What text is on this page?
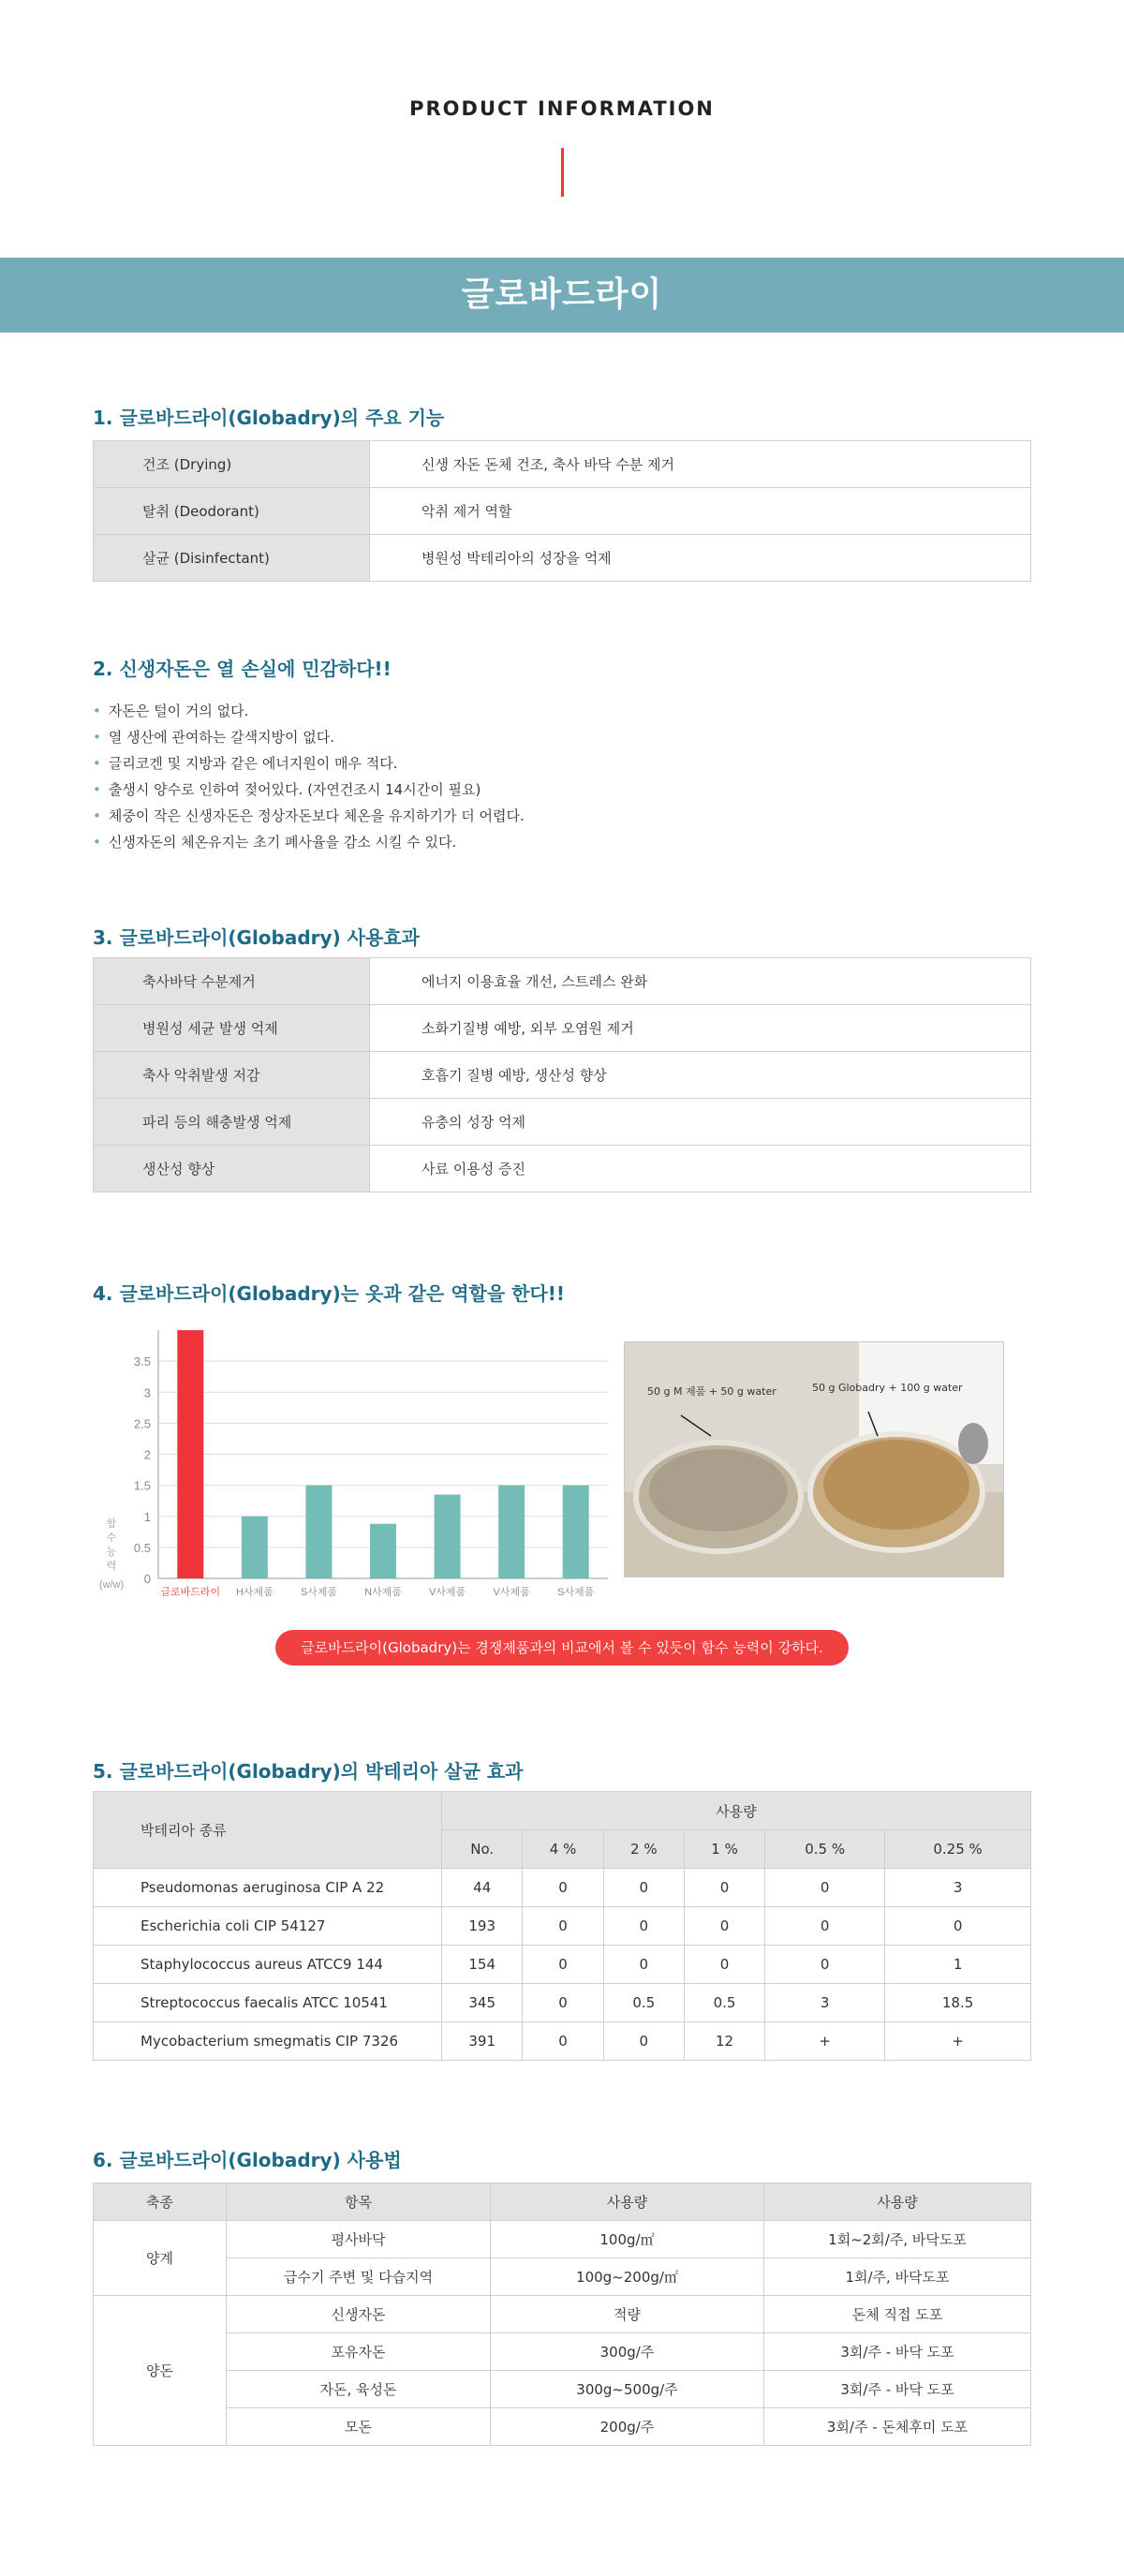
PRODUCT INFORMATION
글로바드라이
1. 글로바드라이(Globadry)의 주요 기능
건조 (Drying)	신생 자돈 돈체 건조, 축사 바닥 수분 제거
탈취 (Deodorant)	악취 제거 역할
살균 (Disinfectant)	병원성 박테리아의 성장을 억제
2. 신생자돈은 열 손실에 민감하다!!
• 자돈은 털이 거의 없다.
• 열 생산에 관여하는 갈색지방이 없다.
• 글리코겐 및 지방과 같은 에너지원이 매우 적다.
• 출생시 양수로 인하여 젖어있다. (자연건조시 14시간이 필요)
• 체중이 작은 신생자돈은 정상자돈보다 체온을 유지하기가 더 어렵다.
• 신생자돈의 체온유지는 초기 폐사율을 감소 시킬 수 있다.
3. 글로바드라이(Globadry) 사용효과
축사바닥 수분제거	에너지 이용효율 개선, 스트레스 완화
병원성 세균 발생 억제	소화기질병 예방, 외부 오염원 제거
축사 악취발생 저감	호흡기 질병 예방, 생산성 향상
파리 등의 해충발생 억제	유충의 성장 억제
생산성 향상	사료 이용성 증진
4. 글로바드라이(Globadry)는 옷과 같은 역할을 한다!!
0
0.5
1
1.5
2
2.5
3
3.5
글로바드라이 H사제품	S사제품	N사제품	V사제품	V사제품	S사제품
함
수
능
력
(w/w)
50 g M 제품 + 50 g water	50 g Globadry + 100 g water
글로바드라이(Globadry)는 경쟁제품과의 비교에서 볼 수 있듯이 함수 능력이 강하다.
5. 글로바드라이(Globadry)의 박테리아 살균 효과
박테리아 종류	사용량					
	No.	4 %	2 %	1 %	0.5 %	0.25 %
Pseudomonas aeruginosa CIP A 22	44	0	0	0	0	3
Escherichia coli CIP 54127	193	0	0	0	0	0
Staphylococcus aureus ATCC9 144	154	0	0	0	0	1
Streptococcus faecalis ATCC 10541	345	0	0.5	0.5	3	18.5
Mycobacterium smegmatis CIP 7326	391	0	0	12	+	+
6. 글로바드라이(Globadry) 사용법
축종	항목	사용량	사용량
양계	평사바닥	100g/㎡	1회~2회/주, 바닥도포
	급수기 주변 및 다습지역	100g~200g/㎡	1회/주, 바닥도포
양돈	신생자돈	적량	돈체 직접 도포
	포유자돈	300g/주	3회/주 - 바닥 도포
	자돈, 육성돈	300g~500g/주	3회/주 - 바닥 도포
	모돈	200g/주	3회/주 - 돈체후미 도포
